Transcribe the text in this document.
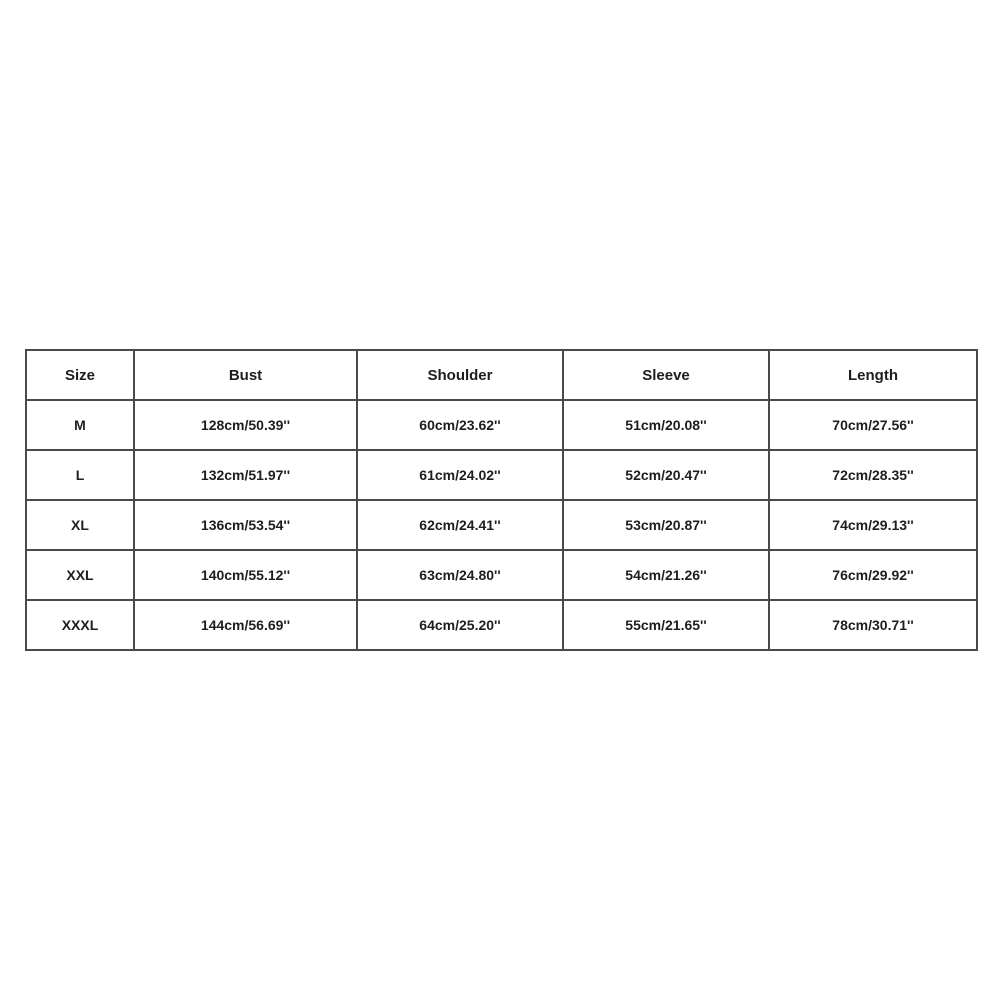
Size	Bust	Shoulder	Sleeve	Length
M	128cm/50.39''	60cm/23.62''	51cm/20.08''	70cm/27.56''
L	132cm/51.97''	61cm/24.02''	52cm/20.47''	72cm/28.35''
XL	136cm/53.54''	62cm/24.41''	53cm/20.87''	74cm/29.13''
XXL	140cm/55.12''	63cm/24.80''	54cm/21.26''	76cm/29.92''
XXXL	144cm/56.69''	64cm/25.20''	55cm/21.65''	78cm/30.71''
